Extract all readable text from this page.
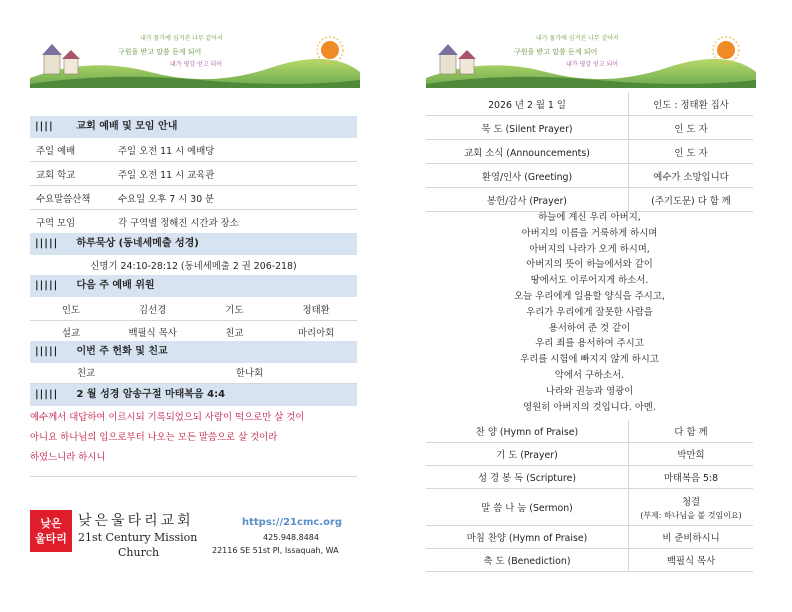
내가 물가에 심겨진 나무 같아서
구원을 받고 말씀 듣게 되어
내가 평강 얻고 되어
|||| 교회 예배 및 모임 안내
주일 예배	주일 오전 11 시 예배당
교회 학교	주일 오전 11 시 교육관
수요말씀산책	수요일 오후 7 시 30 분
구역 모임	각 구역별 정해진 시간과 장소
||||| 하루묵상 (동네세메출 성경)
신명기 24:10-28:12 (동네세메출 2 권 206-218)
||||| 다음 주 예배 위원
인도	김선경	기도	정태환
설교	백필식 목사	친교	마리아회
||||| 이번 주 헌화 및 친교
친교	한나회
||||| 2 월 성경 암송구절 마태복음 4:4
예수께서 대답하여 이르시되 기록되었으되 사람이 떡으로만 살 것이
아니요 하나님의 입으로부터 나오는 모든 말씀으로 살 것이라
하였느니라 하시니
낮은
울타리
낮은울타리교회
21st Century Mission
Church
https://21cmc.org
425.948.8484
22116 SE 51st Pl, Issaquah, WA
내가 물가에 심겨진 나무 같아서
구원을 받고 말씀 듣게 되어
내가 평강 얻고 되어
2026 년 2 월 1 일	인도 : 정태환 집사
묵 도 (Silent Prayer)	인 도 자
교회 소식 (Announcements)	인 도 자
환영/인사 (Greeting)	예수가 소망입니다
봉헌/감사 (Prayer)	(주기도문) 다 함 께
하늘에 계신 우리 아버지,
아버지의 이름을 거룩하게 하시며
아버지의 나라가 오게 하시며,
아버지의 뜻이 하늘에서와 같이
땅에서도 이루어지게 하소서.
오늘 우리에게 일용할 양식을 주시고,
우리가 우리에게 잘못한 사람을
용서하여 준 것 같이
우리 죄를 용서하여 주시고
우리를 시험에 빠지지 않게 하시고
악에서 구하소서.
나라와 권능과 영광이
영원히 아버지의 것입니다. 아멘.
찬 양 (Hymn of Praise)	다 함 께
기 도 (Prayer)	박만희
성 경 봉 독 (Scripture)	마태복음 5:8
말 씀 나 눔 (Sermon)	청결
(부제: 하나님을 볼 것임이요)

마침 찬양 (Hymn of Praise)	비 준비하시니
축 도 (Benediction)	백필식 목사
